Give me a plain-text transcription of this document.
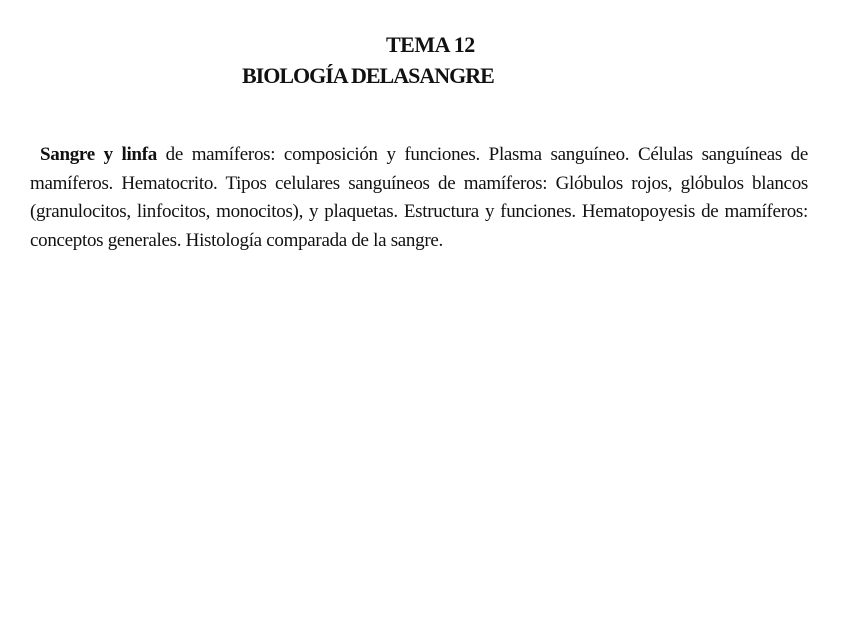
TEMA 12
BIOLOGÍA DELASANGRE

Sangre y linfa de mamíferos: composición y funciones. Plasma sanguíneo. Células sanguíneas de mamíferos. Hematocrito. Tipos celulares sanguíneos de mamíferos: Glóbulos rojos, glóbulos blancos (granulocitos, linfocitos, monocitos), y plaquetas. Estructura y funciones. Hematopoyesis de mamíferos: conceptos generales. Histología comparada de la sangre.
